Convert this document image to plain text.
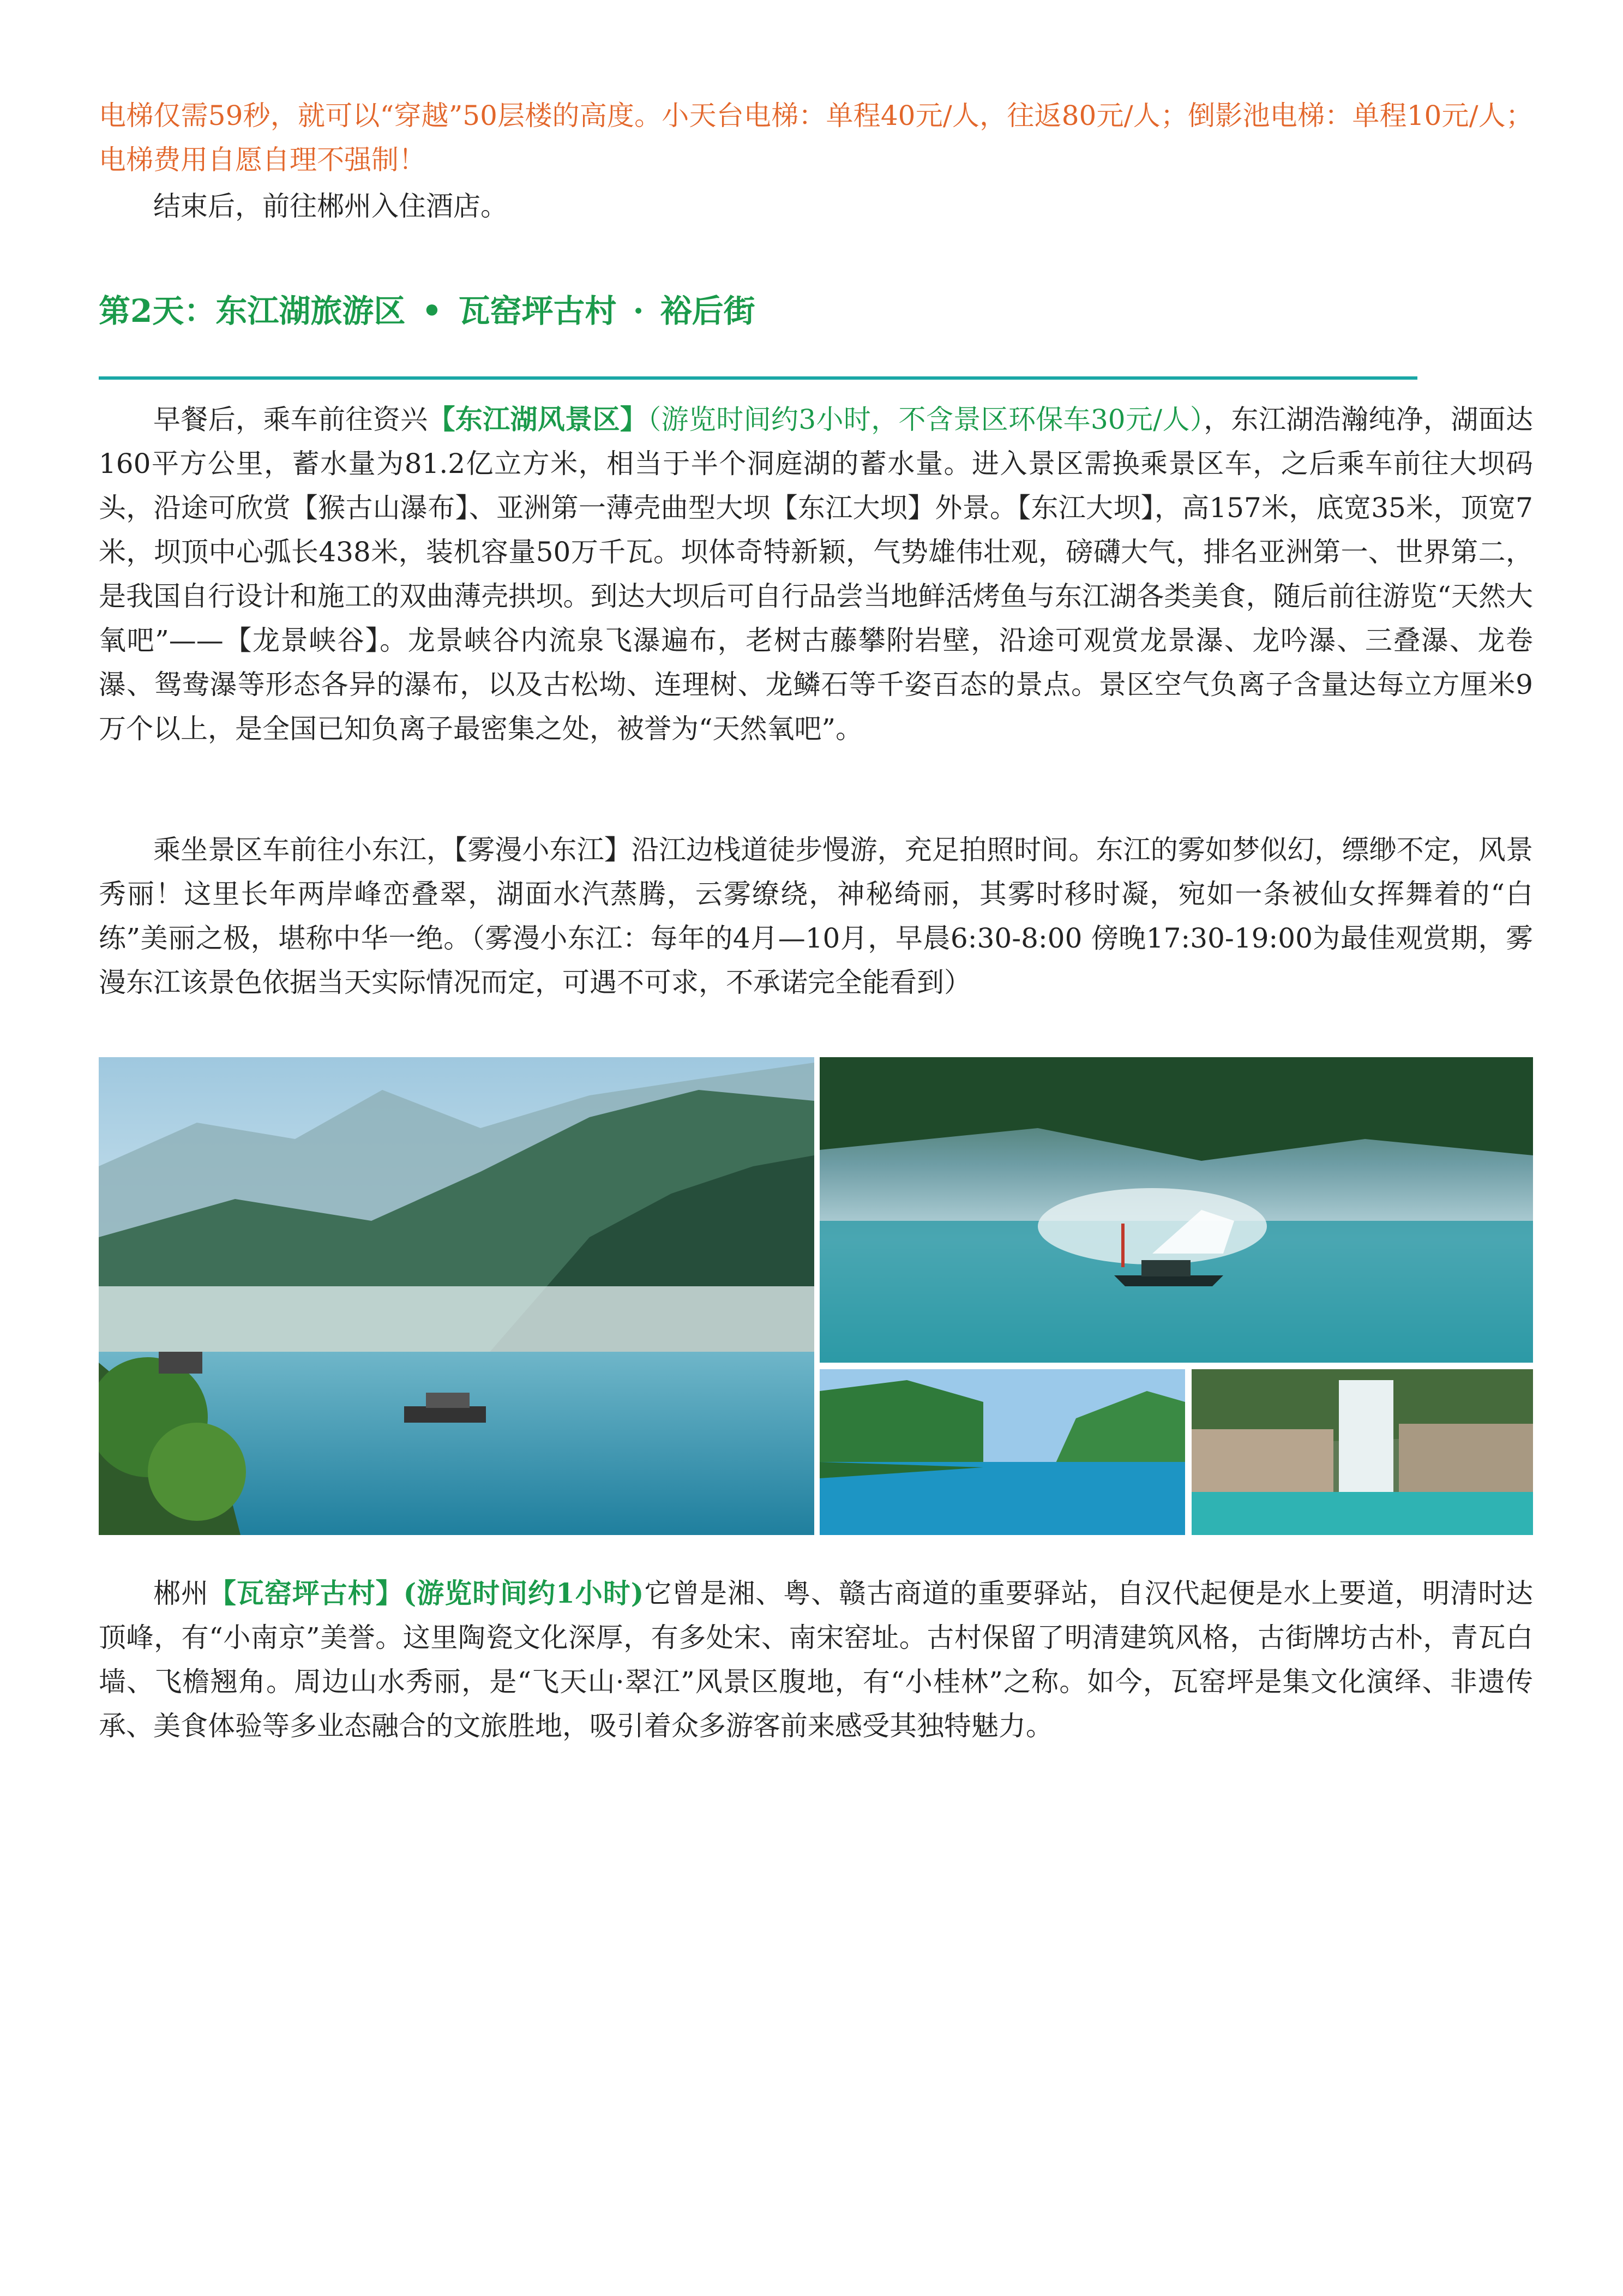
电梯仅需59秒，就可以“穿越”50层楼的高度。小天台电梯：单程40元/人，往返80元/人；倒影池电梯：单程10元/人；电梯费用自愿自理不强制！

结束后，前往郴州入住酒店。

第2天：东江湖旅游区 • 瓦窑坪古村 · 裕后街

早餐后，乘车前往资兴【东江湖风景区】（游览时间约3小时，不含景区环保车30元/人），东江湖浩瀚纯净，湖面达160平方公里，蓄水量为81.2亿立方米，相当于半个洞庭湖的蓄水量。进入景区需换乘景区车，之后乘车前往大坝码头，沿途可欣赏【猴古山瀑布】、亚洲第一薄壳曲型大坝【东江大坝】外景。【东江大坝】，高157米，底宽35米，顶宽7米，坝顶中心弧长438米，装机容量50万千瓦。坝体奇特新颖，气势雄伟壮观，磅礴大气，排名亚洲第一、世界第二，是我国自行设计和施工的双曲薄壳拱坝。到达大坝后可自行品尝当地鲜活烤鱼与东江湖各类美食，随后前往游览“天然大氧吧”——【龙景峡谷】。龙景峡谷内流泉飞瀑遍布，老树古藤攀附岩壁，沿途可观赏龙景瀑、龙吟瀑、三叠瀑、龙卷瀑、鸳鸯瀑等形态各异的瀑布，以及古松坳、连理树、龙鳞石等千姿百态的景点。景区空气负离子含量达每立方厘米9万个以上，是全国已知负离子最密集之处，被誉为“天然氧吧”。

乘坐景区车前往小东江，【雾漫小东江】沿江边栈道徒步慢游，充足拍照时间。东江的雾如梦似幻，缥缈不定，风景秀丽！这里长年两岸峰峦叠翠，湖面水汽蒸腾，云雾缭绕，神秘绮丽，其雾时移时凝，宛如一条被仙女挥舞着的“白练”美丽之极，堪称中华一绝。（雾漫小东江：每年的4月—10月，早晨6:30-8:00 傍晚17:30-19:00为最佳观赏期，雾漫东江该景色依据当天实际情况而定，可遇不可求，不承诺完全能看到）

郴州【瓦窑坪古村】(游览时间约1小时)它曾是湘、粤、赣古商道的重要驿站，自汉代起便是水上要道，明清时达顶峰，有“小南京”美誉。这里陶瓷文化深厚，有多处宋、南宋窑址。古村保留了明清建筑风格，古街牌坊古朴，青瓦白墙、飞檐翘角。周边山水秀丽，是“飞天山·翠江”风景区腹地，有“小桂林”之称。如今，瓦窑坪是集文化演绎、非遗传承、美食体验等多业态融合的文旅胜地，吸引着众多游客前来感受其独特魅力。
